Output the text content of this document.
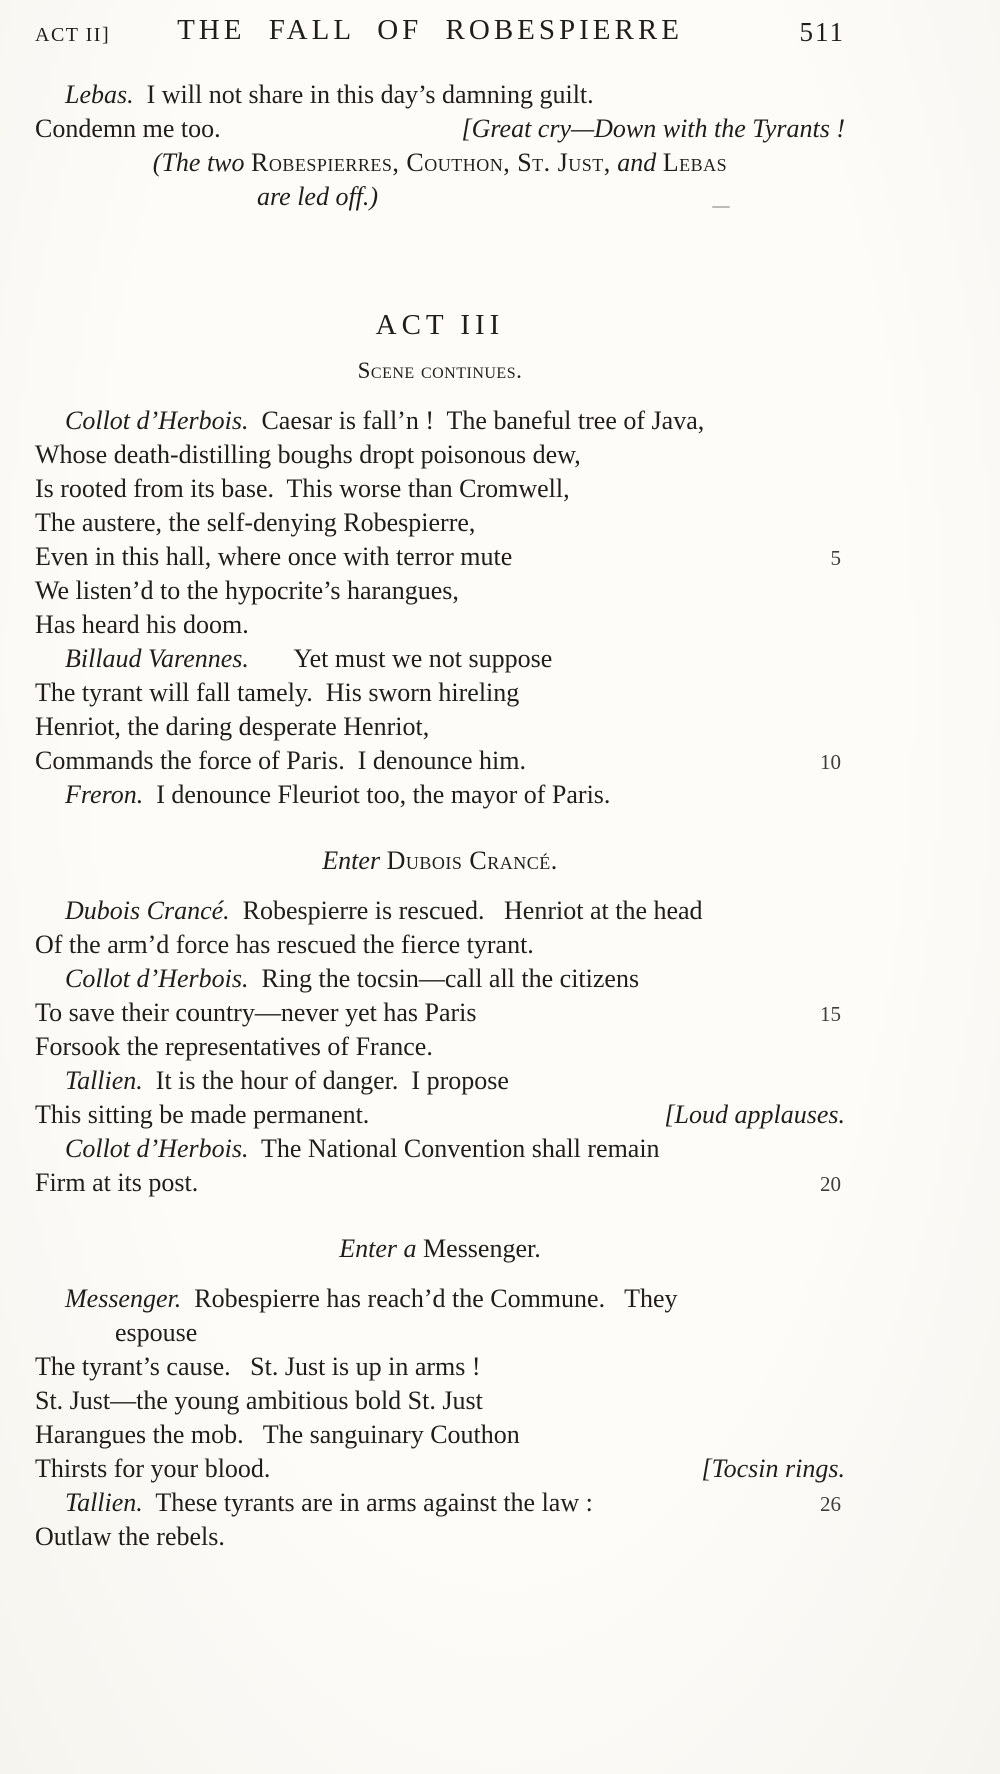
ACT II]	THE FALL OF ROBESPIERRE	511
Lebas.  I will not share in this day’s damning guilt.
Condemn me too.	[Great cry—Down with the Tyrants !
(The two Robespierres, Couthon, St. Just, and Lebas
are led off.)
ACT III
Scene continues.
Collot d’Herbois.  Caesar is fall’n !  The baneful tree of Java,
Whose death-distilling boughs dropt poisonous dew,
Is rooted from its base.  This worse than Cromwell,
The austere, the self-denying Robespierre,
Even in this hall, where once with terror mute	5
We listen’d to the hypocrite’s harangues,
Has heard his doom.
Billaud Varennes.       Yet must we not suppose
The tyrant will fall tamely.  His sworn hireling
Henriot, the daring desperate Henriot,
Commands the force of Paris.  I denounce him.	10
Freron.  I denounce Fleuriot too, the mayor of Paris.
Enter Dubois Crancé.
Dubois Crancé.  Robespierre is rescued.   Henriot at the head
Of the arm’d force has rescued the fierce tyrant.
Collot d’Herbois.  Ring the tocsin—call all the citizens
To save their country—never yet has Paris	15
Forsook the representatives of France.
Tallien.  It is the hour of danger.  I propose
This sitting be made permanent.	[Loud applauses.
Collot d’Herbois.  The National Convention shall remain
Firm at its post.	20
Enter a Messenger.
Messenger.  Robespierre has reach’d the Commune.   They
espouse
The tyrant’s cause.   St. Just is up in arms !
St. Just—the young ambitious bold St. Just
Harangues the mob.   The sanguinary Couthon
Thirsts for your blood.	[Tocsin rings.
Tallien.  These tyrants are in arms against the law :	26
Outlaw the rebels.
